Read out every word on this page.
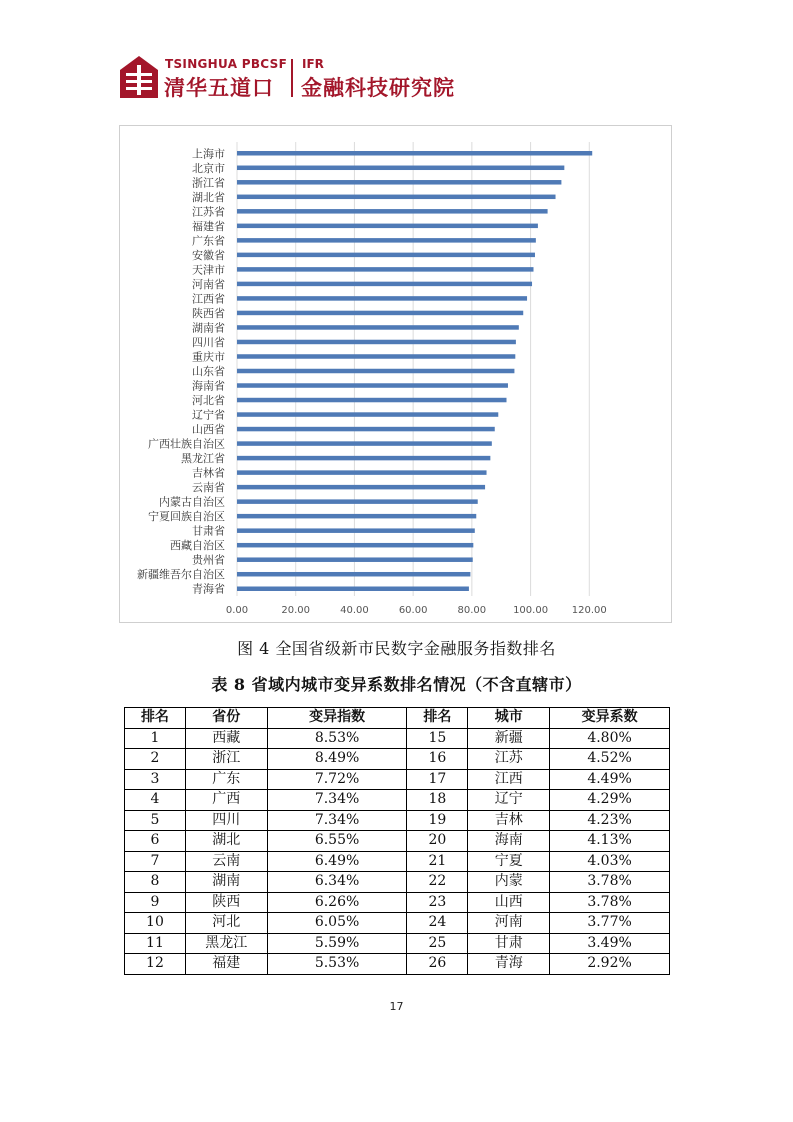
TSINGHUA PBCSF
清华五道口
IFR
金融科技研究院
0.00	20.00	40.00	60.00	80.00	100.00 120.00
上海市
北京市
浙江省
湖北省
江苏省
福建省
广东省
安徽省
天津市
河南省
江西省
陕西省
湖南省
四川省
重庆市
山东省
海南省
河北省
辽宁省
山西省
广西壮族自治区
黑龙江省
吉林省
云南省
内蒙古自治区
宁夏回族自治区
甘肃省
西藏自治区
贵州省
新疆维吾尔自治区
青海省
图 4 全国省级新市民数字金融服务指数排名
表 8 省域内城市变异系数排名情况（不含直辖市）
排名	省份	变异指数	排名	城市	变异系数
1	西藏	8.53%	15	新疆	4.80%
2	浙江	8.49%	16	江苏	4.52%
3	广东	7.72%	17	江西	4.49%
4	广西	7.34%	18	辽宁	4.29%
5	四川	7.34%	19	吉林	4.23%
6	湖北	6.55%	20	海南	4.13%
7	云南	6.49%	21	宁夏	4.03%
8	湖南	6.34%	22	内蒙	3.78%
9	陕西	6.26%	23	山西	3.78%
10	河北	6.05%	24	河南	3.77%
11	黑龙江	5.59%	25	甘肃	3.49%
12	福建	5.53%	26	青海	2.92%
17
